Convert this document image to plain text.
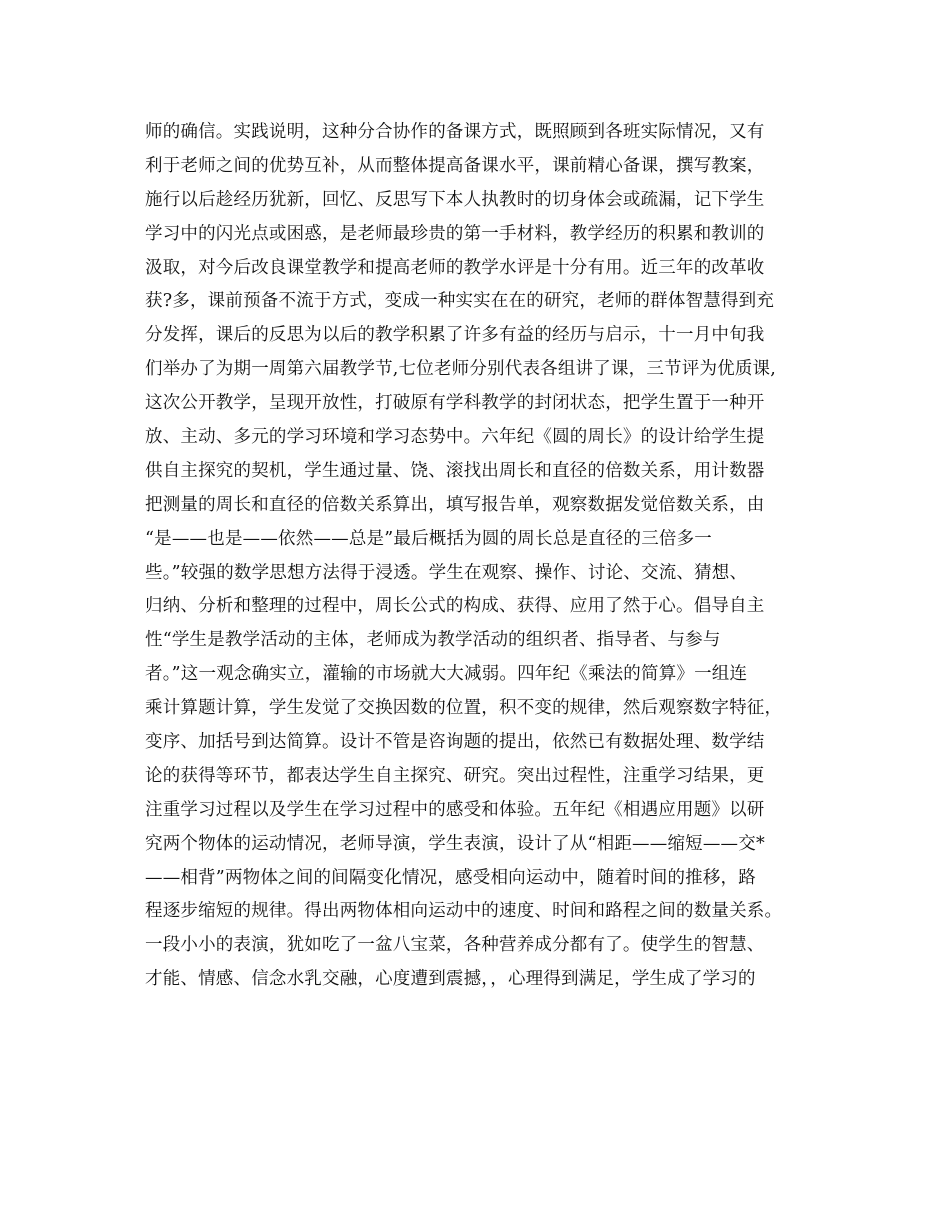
师的确信。实践说明，这种分合协作的备课方式，既照顾到各班实际情况，又有
利于老师之间的优势互补，从而整体提高备课水平，课前精心备课，撰写教案，
施行以后趁经历犹新，回忆、反思写下本人执教时的切身体会或疏漏，记下学生
学习中的闪光点或困惑，是老师最珍贵的第一手材料，教学经历的积累和教训的
汲取，对今后改良课堂教学和提高老师的教学水评是十分有用。近三年的改革收
获?多，课前预备不流于方式，变成一种实实在在的研究，老师的群体智慧得到充
分发挥，课后的反思为以后的教学积累了许多有益的经历与启示，十一月中旬我
们举办了为期一周第六届教学节,七位老师分别代表各组讲了课，三节评为优质课,
这次公开教学，呈现开放性，打破原有学科教学的封闭状态，把学生置于一种开
放、主动、多元的学习环境和学习态势中。六年纪《圆的周长》的设计给学生提
供自主探究的契机，学生通过量、饶、滚找出周长和直径的倍数关系，用计数器
把测量的周长和直径的倍数关系算出，填写报告单，观察数据发觉倍数关系，由
“是——也是——依然——总是”最后概括为圆的周长总是直径的三倍多一
些。”较强的数学思想方法得于浸透。学生在观察、操作、讨论、交流、猜想、
归纳、分析和整理的过程中，周长公式的构成、获得、应用了然于心。倡导自主
性“学生是教学活动的主体，老师成为教学活动的组织者、指导者、与参与
者。”这一观念确实立，灌输的市场就大大减弱。四年纪《乘法的简算》一组连
乘计算题计算，学生发觉了交换因数的位置，积不变的规律，然后观察数字特征，
变序、加括号到达简算。设计不管是咨询题的提出，依然已有数据处理、数学结
论的获得等环节，都表达学生自主探究、研究。突出过程性，注重学习结果，更
注重学习过程以及学生在学习过程中的感受和体验。五年纪《相遇应用题》以研
究两个物体的运动情况，老师导演，学生表演，设计了从“相距——缩短——交*
——相背”两物体之间的间隔变化情况，感受相向运动中，随着时间的推移，路
程逐步缩短的规律。得出两物体相向运动中的速度、时间和路程之间的数量关系。
一段小小的表演，犹如吃了一盆八宝菜，各种营养成分都有了。使学生的智慧、
才能、情感、信念水乳交融，心度遭到震撼，，心理得到满足，学生成了学习的
